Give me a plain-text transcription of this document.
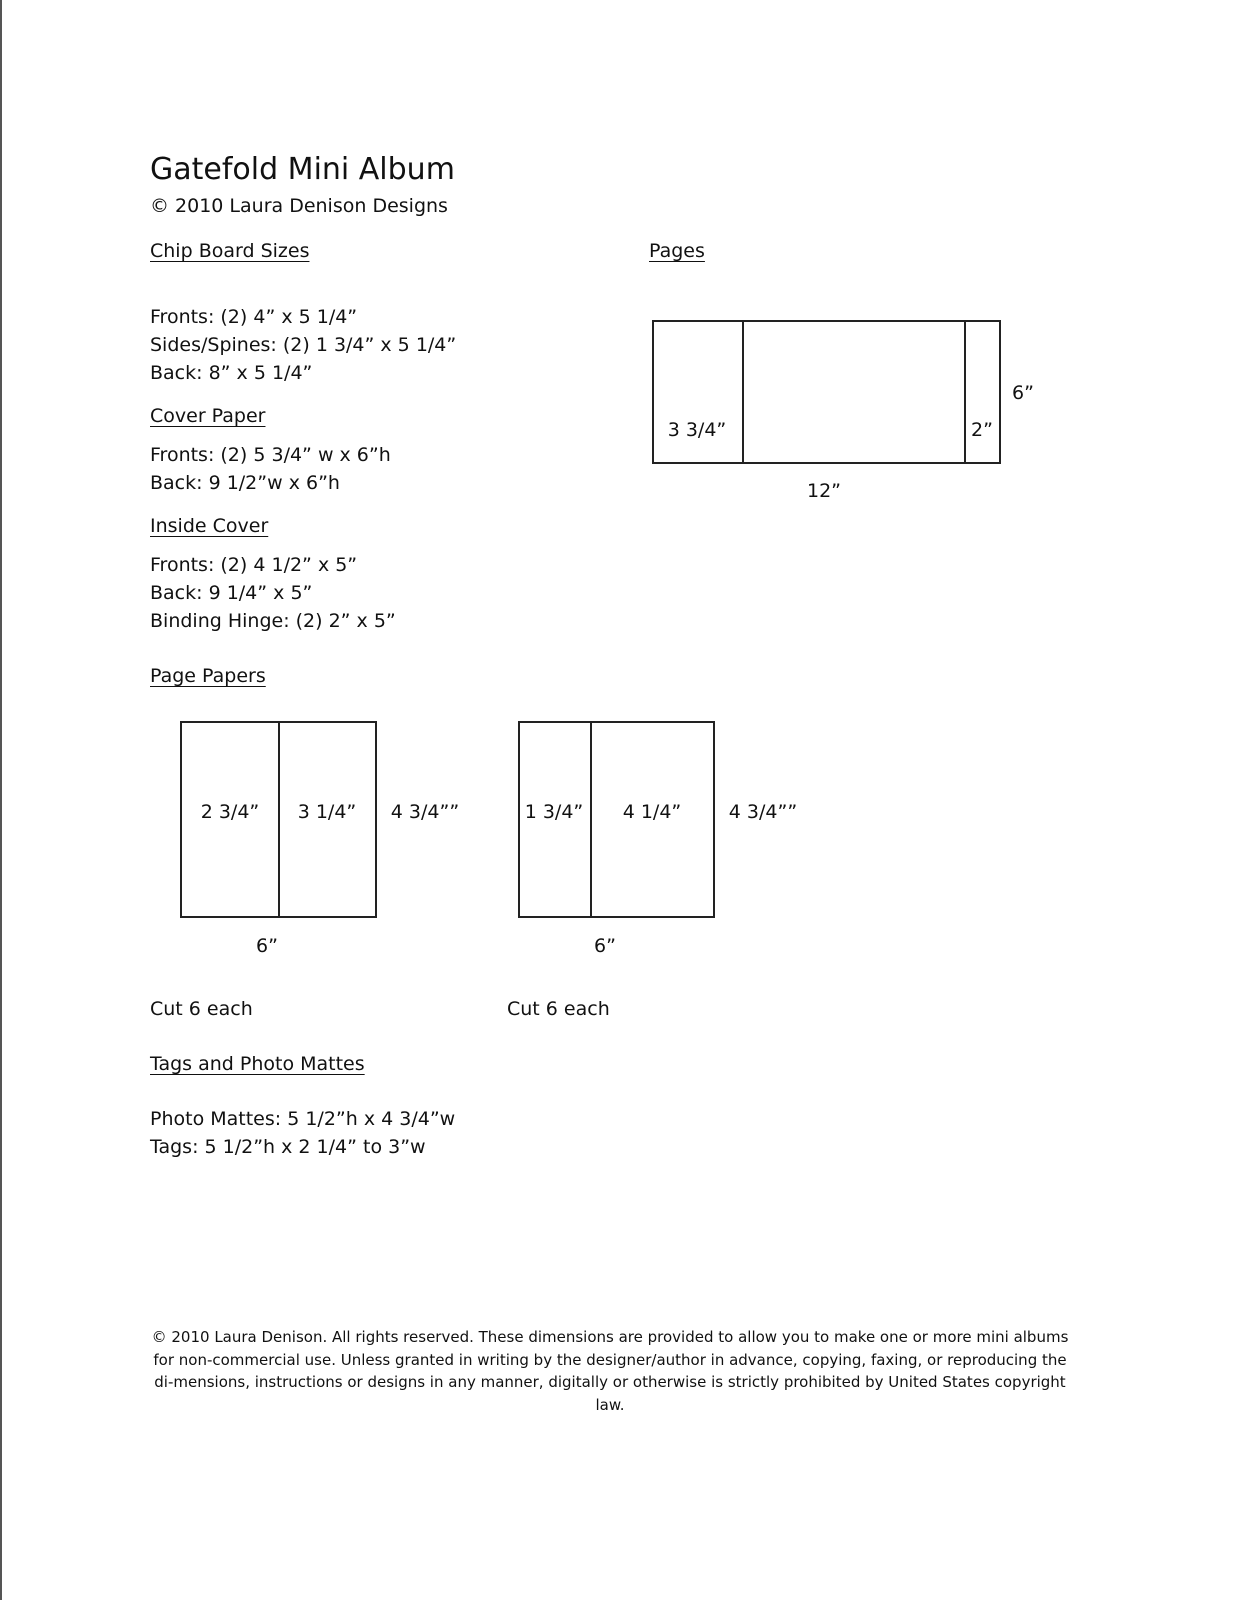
Gatefold Mini Album
© 2010 Laura Denison Designs
Chip Board Sizes
Fronts: (2) 4” x 5 1/4”
Sides/Spines: (2) 1 3/4” x 5 1/4”
Back: 8” x 5 1/4”
Cover Paper
Fronts: (2) 5 3/4” w x 6”h
Back: 9 1/2”w x 6”h
Inside Cover
Fronts: (2) 4 1/2” x 5”
Back: 9 1/4” x 5”
Binding Hinge: (2) 2” x 5”
Pages
3 3/4”	2”
6”
12”
Page Papers
2 3/4” 3 1/4” 4 3/4””
6”
Cut 6 each
1 3/4” 4 1/4”	4 3/4””
6”
Cut 6 each
Tags and Photo Mattes
Photo Mattes: 5 1/2”h x 4 3/4”w
Tags: 5 1/2”h x 2 1/4” to 3”w
© 2010 Laura Denison. All rights reserved. These dimensions are provided to allow you to make one or more mini albums for non-commercial use. Unless granted in writing by the designer/author in advance, copying, faxing, or reproducing the di-mensions, instructions or designs in any manner, digitally or otherwise is strictly prohibited by United States copyright law.
